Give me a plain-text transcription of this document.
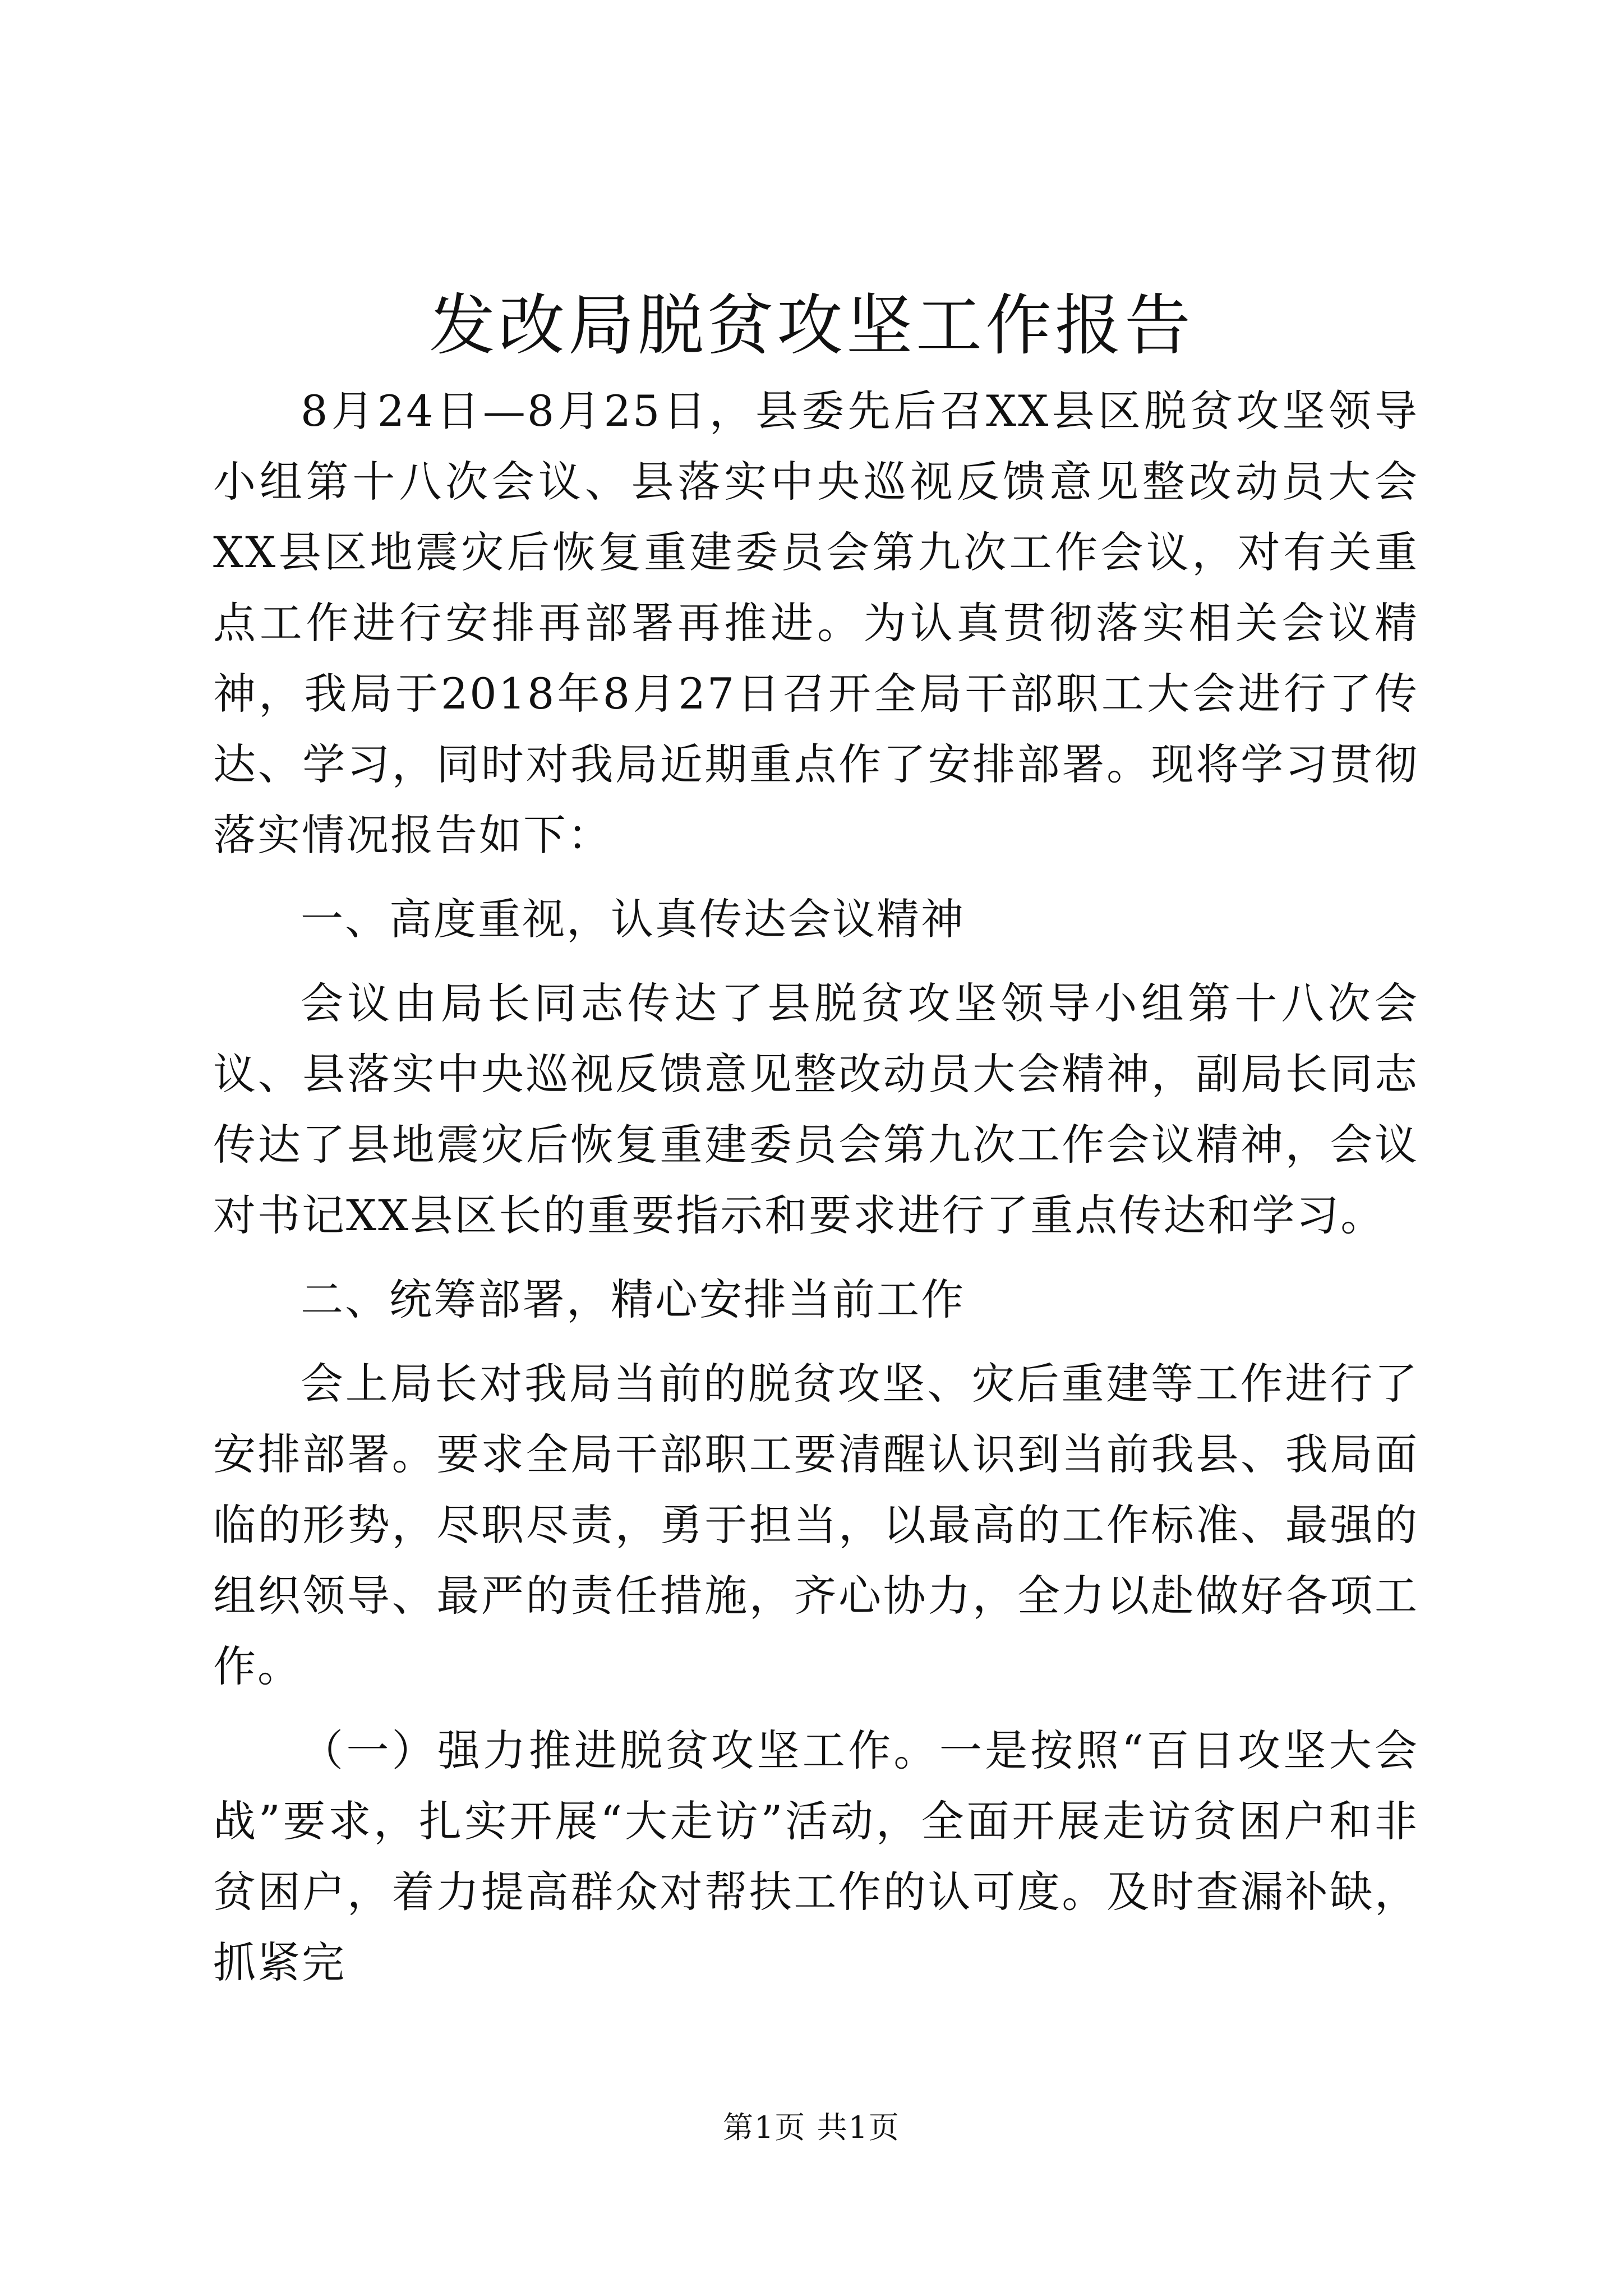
发改局脱贫攻坚工作报告

8月24日—8月25日，县委先后召XX县区脱贫攻坚领导小组第十八次会议、县落实中央巡视反馈意见整改动员大会XX县区地震灾后恢复重建委员会第九次工作会议，对有关重点工作进行安排再部署再推进。为认真贯彻落实相关会议精神，我局于2018年8月27日召开全局干部职工大会进行了传达、学习，同时对我局近期重点作了安排部署。现将学习贯彻落实情况报告如下：

一、高度重视，认真传达会议精神

会议由局长同志传达了县脱贫攻坚领导小组第十八次会议、县落实中央巡视反馈意见整改动员大会精神，副局长同志传达了县地震灾后恢复重建委员会第九次工作会议精神，会议对书记XX县区长的重要指示和要求进行了重点传达和学习。

二、统筹部署，精心安排当前工作

会上局长对我局当前的脱贫攻坚、灾后重建等工作进行了安排部署。要求全局干部职工要清醒认识到当前我县、我局面临的形势，尽职尽责，勇于担当，以最高的工作标准、最强的组织领导、最严的责任措施，齐心协力，全力以赴做好各项工作。

（一）强力推进脱贫攻坚工作。一是按照“百日攻坚大会战”要求，扎实开展“大走访”活动，全面开展走访贫困户和非贫困户，着力提高群众对帮扶工作的认可度。及时查漏补缺，抓紧完

第1页 共1页
